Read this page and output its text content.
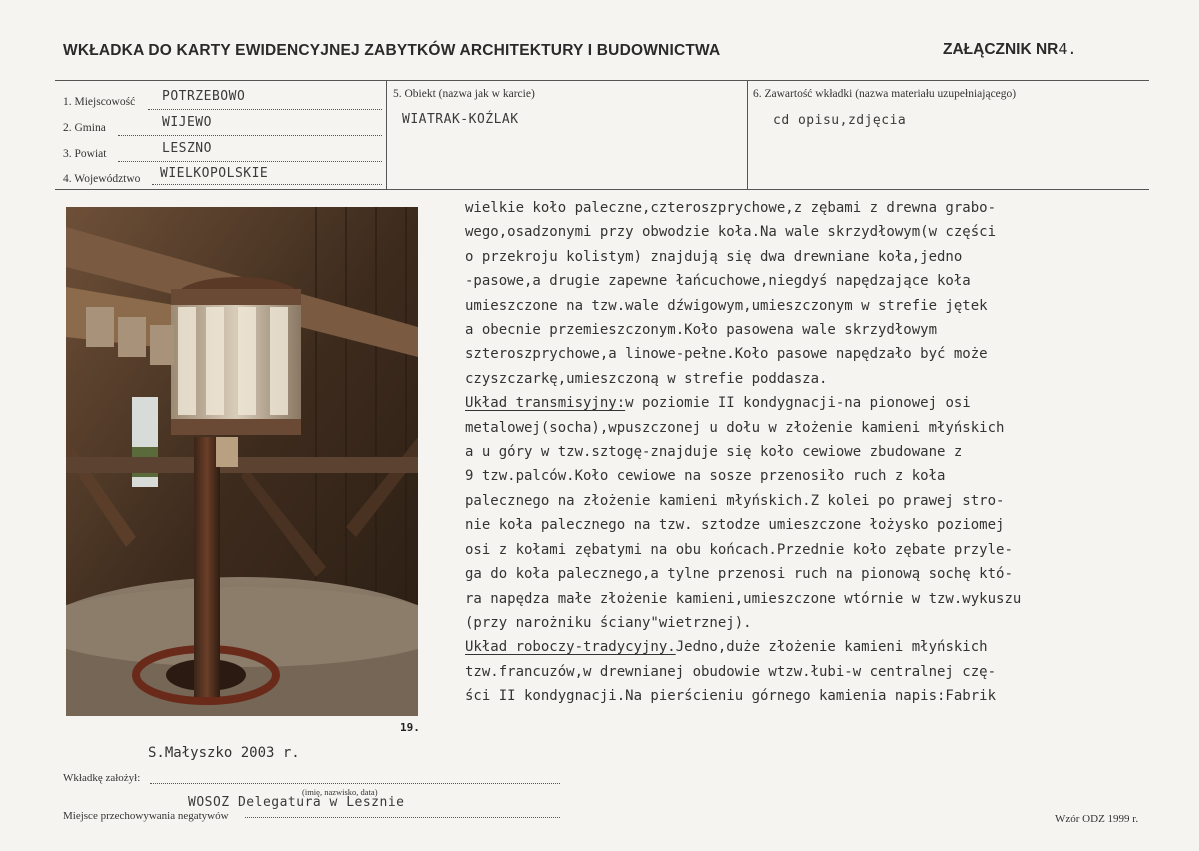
WKŁADKA DO KARTY EWIDENCYJNEJ ZABYTKÓW ARCHITEKTURY I BUDOWNICTWA	ZAŁĄCZNIK NR4.
1. Miejscowość POTRZEBOWO
2. Gmina	WIJEWO
3. Powiat	LESZNO
4. Województwo WIELKOPOLSKIE
5. Obiekt (nazwa jak w karcie)
WIATRAK-KOŹLAK
6. Zawartość wkładki (nazwa materiału uzupełniającego)
cd opisu,zdjęcia
19.
wielkie koło paleczne,czteroszprychowe,z zębami z drewna grabo-
wego,osadzonymi przy obwodzie koła.Na wale skrzydłowym(w części
o przekroju kolistym) znajdują się dwa drewniane koła,jedno
-pasowe,a drugie zapewne łańcuchowe,niegdyś napędzające koła
umieszczone na tzw.wale dźwigowym,umieszczonym w strefie jętek
a obecnie przemieszczonym.Koło pasowena wale skrzydłowym
szteroszprychowe,a linowe-pełne.Koło pasowe napędzało być może
czyszczarkę,umieszczoną w strefie poddasza.
Układ transmisyjny:w poziomie II kondygnacji-na pionowej osi
metalowej(socha),wpuszczonej u dołu w złożenie kamieni młyńskich
a u góry w tzw.sztogę-znajduje się koło cewiowe zbudowane z
9 tzw.palców.Koło cewiowe na sosze przenosiło ruch z koła
palecznego na złożenie kamieni młyńskich.Z kolei po prawej stro-
nie koła palecznego na tzw. sztodze umieszczone łożysko poziomej
osi z kołami zębatymi na obu końcach.Przednie koło zębate przyle-
ga do koła palecznego,a tylne przenosi ruch na pionową sochę któ-
ra napędza małe złożenie kamieni,umieszczone wtórnie w tzw.wykuszu
(przy narożniku ściany"wietrznej).
Układ roboczy-tradycyjny.Jedno,duże złożenie kamieni młyńskich
tzw.francuzów,w drewnianej obudowie wtzw.łubi-w centralnej czę-
ści II kondygnacji.Na pierścieniu górnego kamienia napis:Fabrik
S.Małyszko 2003 r.
Wkładkę założył:
(imię, nazwisko, data)
Miejsce przechowywania negatywów
WOSOZ Delegatura w Lesznie
Wzór ODZ 1999 r.
